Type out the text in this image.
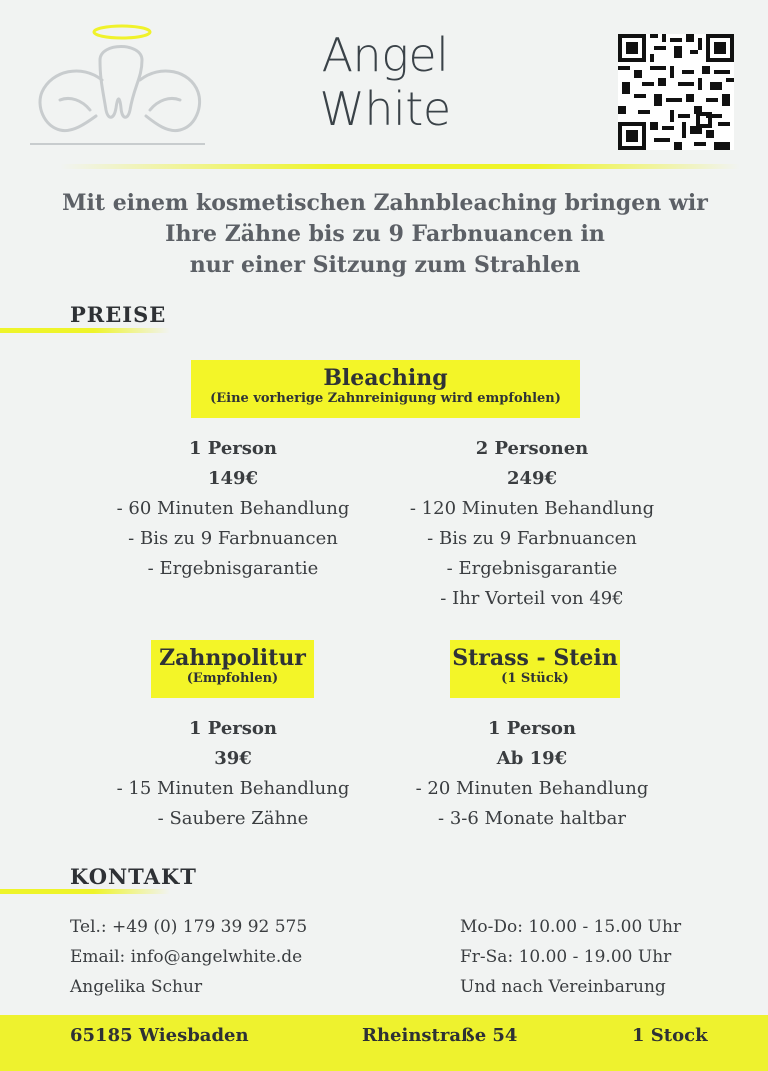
Angel
White
Mit einem kosmetischen Zahnbleaching bringen wir
Ihre Zähne bis zu 9 Farbnuancen in
nur einer Sitzung zum Strahlen
PREISE
Bleaching
(Eine vorherige Zahnreinigung wird empfohlen)
1 Person
149€
- 60 Minuten Behandlung
- Bis zu 9 Farbnuancen
- Ergebnisgarantie
2 Personen
249€
- 120 Minuten Behandlung
- Bis zu 9 Farbnuancen
- Ergebnisgarantie
- Ihr Vorteil von 49€
Zahnpolitur
(Empfohlen)
1 Person
39€
- 15 Minuten Behandlung
- Saubere Zähne
Strass - Stein
(1 Stück)
1 Person
Ab 19€
- 20 Minuten Behandlung
- 3-6 Monate haltbar
KONTAKT
Tel.: +49 (0) 179 39 92 575
Email: info@angelwhite.de
Angelika Schur
Mo-Do: 10.00 - 15.00 Uhr
Fr-Sa: 10.00 - 19.00 Uhr
Und nach Vereinbarung
65185 Wiesbaden	Rheinstraße 54	1 Stock
